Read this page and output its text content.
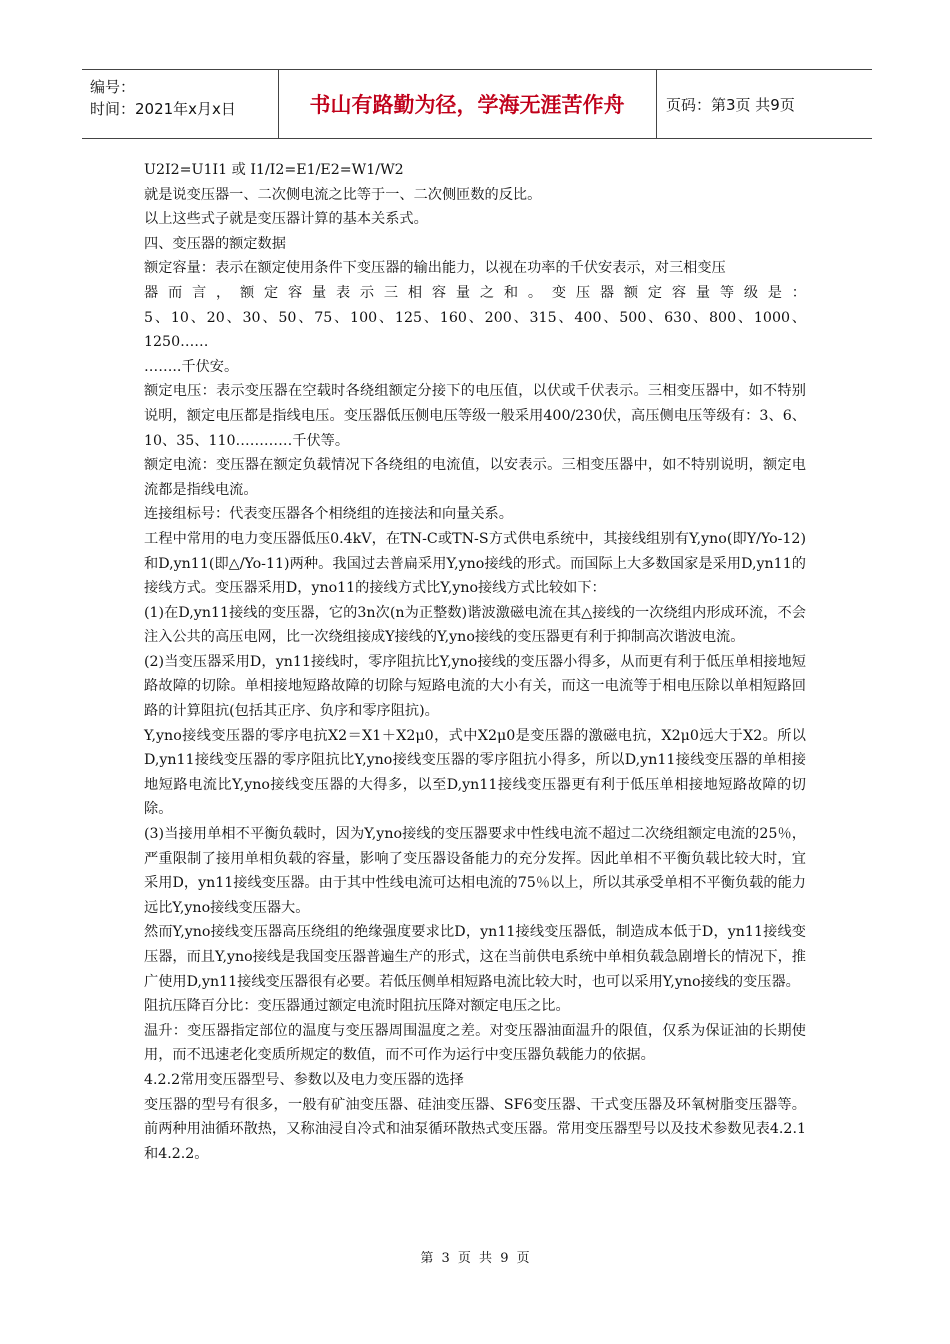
编号：
时间：2021年x月x日	书山有路勤为径，学海无涯苦作舟	页码：第3页 共9页

U2I2=U1I1 或 I1/I2=E1/E2=W1/W2

就是说变压器一、二次侧电流之比等于一、二次侧匝数的反比。

以上这些式子就是变压器计算的基本关系式。

四、变压器的额定数据

额定容量：表示在额定使用条件下变压器的输出能力，以视在功率的千伏安表示，对三相变压

器 而 言 ， 额 定 容 量 表 示 三 相 容 量 之 和 。 变 压 器 额 定 容 量 等 级 是 ：

5、10、20、30、50、75、100、125、160、200、315、400、500、630、800、1000、1250……

……..千伏安。

额定电压：表示变压器在空载时各绕组额定分接下的电压值，以伏或千伏表示。三相变压器中，如不特别说明，额定电压都是指线电压。变压器低压侧电压等级一般采用400/230伏，高压侧电压等级有：3、6、10、35、110…………千伏等。

额定电流：变压器在额定负载情况下各绕组的电流值，以安表示。三相变压器中，如不特别说明，额定电流都是指线电流。

连接组标号：代表变压器各个相绕组的连接法和向量关系。

工程中常用的电力变压器低压0.4kV，在TN-C或TN-S方式供电系统中，其接线组别有Y,yno(即Y/Yo-12)和D,yn11(即△/Yo-11)两种。我国过去普扁采用Y,yno接线的形式。而国际上大多数国家是采用D,yn11的接线方式。变压器采用D，yno11的接线方式比Y,yno接线方式比较如下：

(1)在D,yn11接线的变压器，它的3n次(n为正整数)谐波激磁电流在其△接线的一次绕组内形成环流，不会注入公共的高压电网，比一次绕组接成Y接线的Y,yno接线的变压器更有利于抑制高次谐波电流。

(2)当变压器采用D，yn11接线时，零序阻抗比Y,yno接线的变压器小得多，从而更有利于低压单相接地短路故障的切除。单相接地短路故障的切除与短路电流的大小有关，而这一电流等于相电压除以单相短路回路的计算阻抗(包括其正序、负序和零序阻抗)。

Y,yno接线变压器的零序电抗X2＝X1＋X2μ0，式中X2μ0是变压器的激磁电抗，X2μ0远大于X2。所以D,yn11接线变压器的零序阻抗比Y,yno接线变压器的零序阻抗小得多，所以D,yn11接线变压器的单相接地短路电流比Y,yno接线变压器的大得多，以至D,yn11接线变压器更有利于低压单相接地短路故障的切除。

(3)当接用单相不平衡负载时，因为Y,yno接线的变压器要求中性线电流不超过二次绕组额定电流的25％，严重限制了接用单相负载的容量，影响了变压器设备能力的充分发挥。因此单相不平衡负载比较大时，宜采用D，yn11接线变压器。由于其中性线电流可达相电流的75％以上，所以其承受单相不平衡负载的能力远比Y,yno接线变压器大。

然而Y,yno接线变压器高压绕组的绝缘强度要求比D，yn11接线变压器低，制造成本低于D，yn11接线变压器，而且Y,yno接线是我国变压器普遍生产的形式，这在当前供电系统中单相负载急剧增长的情况下，推广使用D,yn11接线变压器很有必要。若低压侧单相短路电流比较大时，也可以采用Y,yno接线的变压器。

阻抗压降百分比：变压器通过额定电流时阻抗压降对额定电压之比。

温升：变压器指定部位的温度与变压器周围温度之差。对变压器油面温升的限值，仅系为保证油的长期使用，而不迅速老化变质所规定的数值，而不可作为运行中变压器负载能力的依据。

4.2.2常用变压器型号、参数以及电力变压器的选择

变压器的型号有很多，一般有矿油变压器、硅油变压器、SF6变压器、干式变压器及环氧树脂变压器等。前两种用油循环散热，又称油浸自冷式和油泵循环散热式变压器。常用变压器型号以及技术参数见表4.2.1和4.2.2。

第 3 页 共 9 页
